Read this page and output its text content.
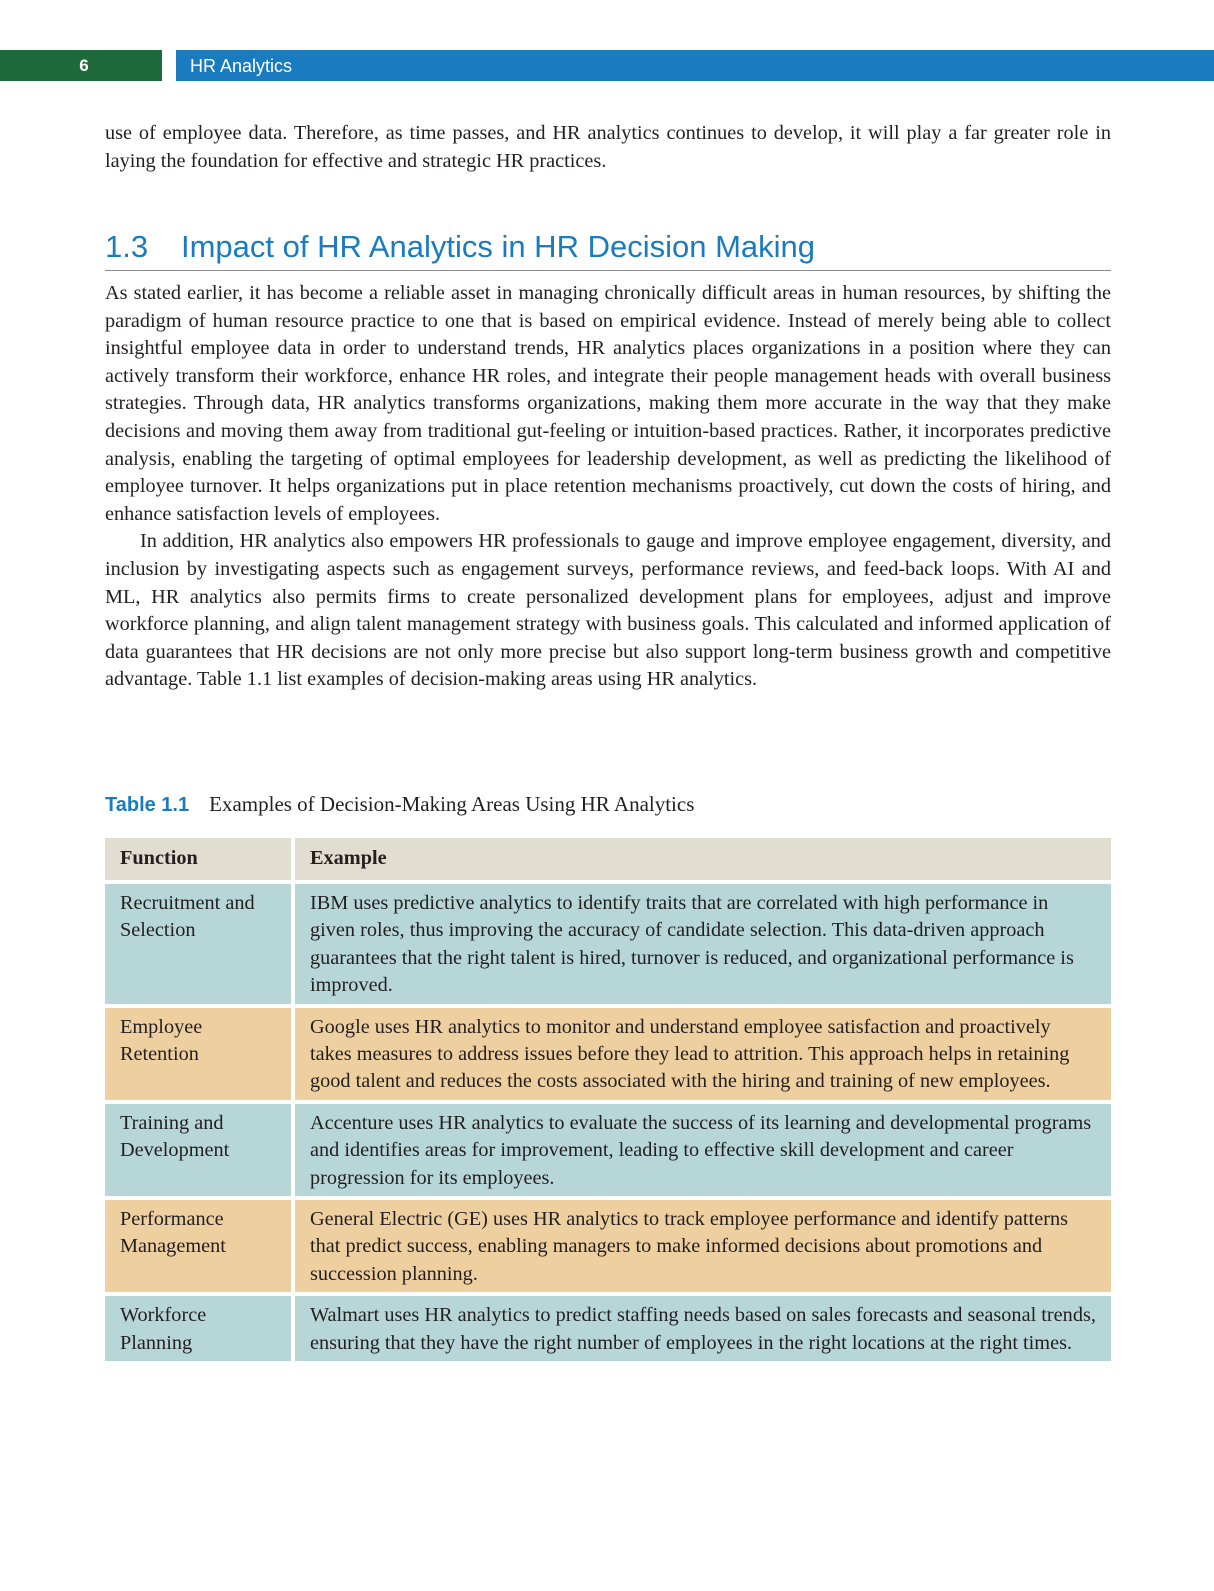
6	HR Analytics

use of employee data. Therefore, as time passes, and HR analytics continues to develop, it will play a far greater role in laying the foundation for effective and strategic HR practices.

1.3 Impact of HR Analytics in HR Decision Making

As stated earlier, it has become a reliable asset in managing chronically difficult areas in human resources, by shifting the paradigm of human resource practice to one that is based on empirical evidence. Instead of merely being able to collect insightful employee data in order to understand trends, HR analytics places organizations in a position where they can actively transform their workforce, enhance HR roles, and integrate their people management heads with overall business strategies. Through data, HR analytics transforms organizations, making them more accurate in the way that they make decisions and moving them away from traditional gut-feeling or intuition-based practices. Rather, it incorporates predictive analysis, enabling the targeting of optimal employees for leadership development, as well as predicting the likelihood of employee turnover. It helps organizations put in place retention mechanisms proactively, cut down the costs of hiring, and enhance satisfaction levels of employees.

In addition, HR analytics also empowers HR professionals to gauge and improve employee engagement, diversity, and inclusion by investigating aspects such as engagement surveys, performance reviews, and feed-back loops. With AI and ML, HR analytics also permits firms to create personalized development plans for employees, adjust and improve workforce planning, and align talent management strategy with business goals. This calculated and informed application of data guarantees that HR decisions are not only more precise but also support long-term business growth and competitive advantage. Table 1.1 list examples of decision-making areas using HR analytics.

Table 1.1 Examples of Decision-Making Areas Using HR Analytics
Function	Example
Recruitment and Selection
IBM uses predictive analytics to identify traits that are correlated with high performance in given roles, thus improving the accuracy of candidate selection. This data-driven approach guarantees that the right talent is hired, turnover is reduced, and organizational performance is improved.
Employee Retention
Google uses HR analytics to monitor and understand employee satisfaction and proactively takes measures to address issues before they lead to attrition. This approach helps in retaining good talent and reduces the costs associated with the hiring and training of new employees.
Training and Development
Accenture uses HR analytics to evaluate the success of its learning and developmental programs and identifies areas for improvement, leading to effective skill development and career progression for its employees.
Performance Management
General Electric (GE) uses HR analytics to track employee performance and identify patterns that predict success, enabling managers to make informed decisions about promotions and succession planning.
Workforce Planning
Walmart uses HR analytics to predict staffing needs based on sales forecasts and seasonal trends, ensuring that they have the right number of employees in the right locations at the right times.
